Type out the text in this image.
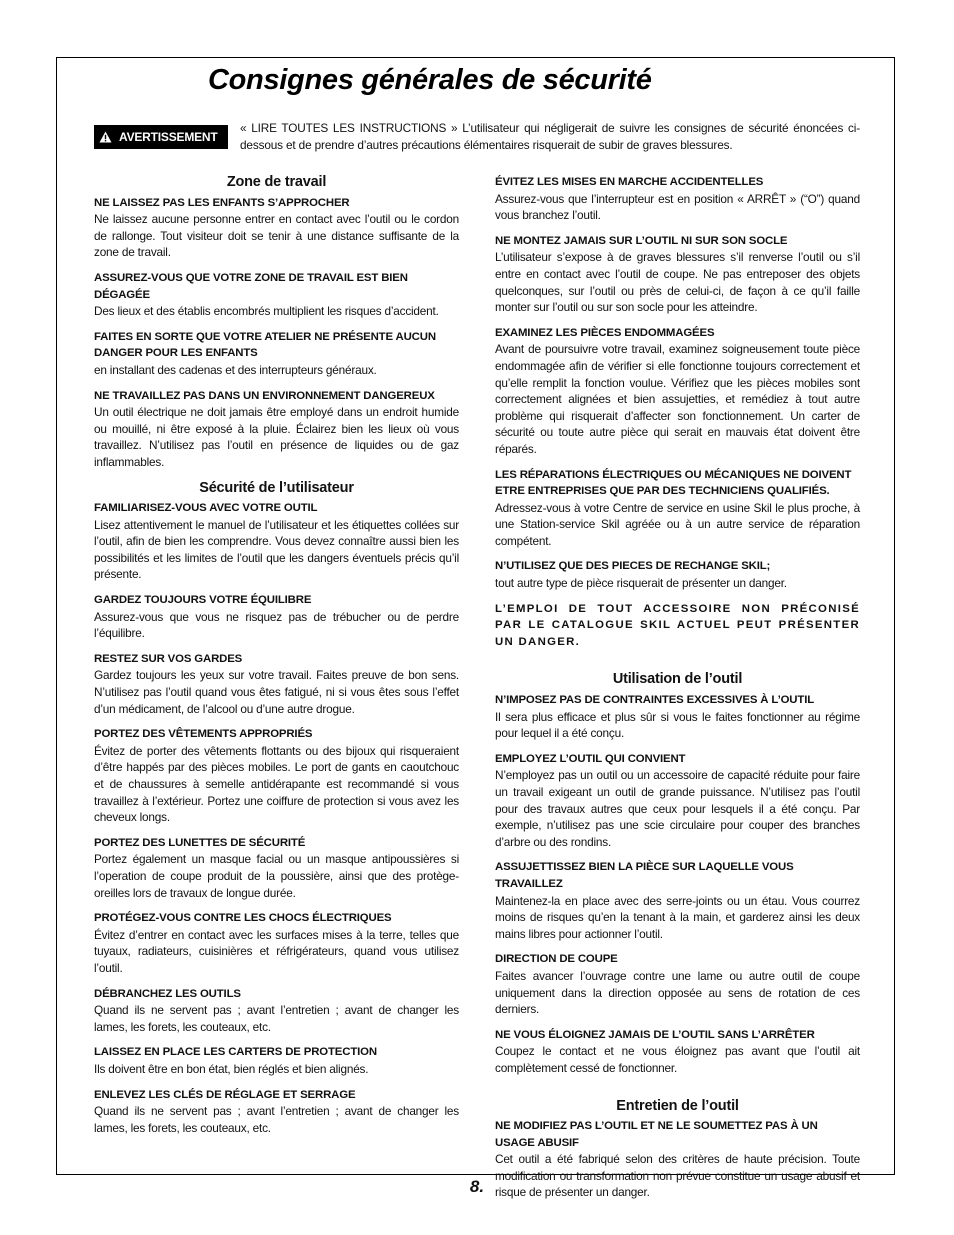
Consignes générales de sécurité
AVERTISSEMENT
« LIRE TOUTES LES INSTRUCTIONS » L’utilisateur qui négligerait de suivre les consignes de sécurité énoncées ci-dessous et de prendre d’autres précautions élémentaires risquerait de subir de graves blessures.
Zone de travail
NE LAISSEZ PAS LES ENFANTS S’APPROCHER
Ne laissez aucune personne entrer en contact avec l’outil ou le cordon de rallonge. Tout visiteur doit se tenir à une distance suffisante de la zone de travail.
ASSUREZ-VOUS QUE VOTRE ZONE DE TRAVAIL EST BIEN DÉGAGÉE
Des lieux et des établis encombrés multiplient les risques d’accident.
FAITES EN SORTE QUE VOTRE ATELIER NE PRÉSENTE AUCUN DANGER POUR LES ENFANTS
en installant des cadenas et des interrupteurs généraux.
NE TRAVAILLEZ PAS DANS UN ENVIRONNEMENT DANGEREUX
Un outil électrique ne doit jamais être employé dans un endroit humide ou mouillé, ni être exposé à la pluie. Éclairez bien les lieux où vous travaillez. N’utilisez pas l’outil en présence de liquides ou de gaz inflammables.
Sécurité de l’utilisateur
FAMILIARISEZ-VOUS AVEC VOTRE OUTIL
Lisez attentivement le manuel de l’utilisateur et les étiquettes collées sur l’outil, afin de bien les comprendre. Vous devez connaître aussi bien les possibilités et les limites de l’outil que les dangers éventuels précis qu’il présente.
GARDEZ TOUJOURS VOTRE ÉQUILIBRE
Assurez-vous que vous ne risquez pas de trébucher ou de perdre l’équilibre.
RESTEZ SUR VOS GARDES
Gardez toujours les yeux sur votre travail. Faites preuve de bon sens. N’utilisez pas l’outil quand vous êtes fatigué, ni si vous êtes sous l’effet d’un médicament, de l’alcool ou d’une autre drogue.
PORTEZ DES VÊTEMENTS APPROPRIÉS
Évitez de porter des vêtements flottants ou des bijoux qui risqueraient d’être happés par des pièces mobiles. Le port de gants en caoutchouc et de chaussures à semelle antidérapante est recommandé si vous travaillez à l’extérieur. Portez une coiffure de protection si vous avez les cheveux longs.
PORTEZ DES LUNETTES DE SÉCURITÉ
Portez également un masque facial ou un masque antipoussières si l’operation de coupe produit de la poussière, ainsi que des protège-oreilles lors de travaux de longue durée.
PROTÉGEZ-VOUS CONTRE LES CHOCS ÉLECTRIQUES
Évitez d’entrer en contact avec les surfaces mises à la terre, telles que tuyaux, radiateurs, cuisinières et réfrigérateurs, quand vous utilisez l’outil.
DÉBRANCHEZ LES OUTILS
Quand ils ne servent pas ; avant l’entretien ; avant de changer les lames, les forets, les couteaux, etc.
LAISSEZ EN PLACE LES CARTERS DE PROTECTION
Ils doivent être en bon état, bien réglés et bien alignés.
ENLEVEZ LES CLÉS DE RÉGLAGE ET SERRAGE
Quand ils ne servent pas ; avant l’entretien ; avant de changer les lames, les forets, les couteaux, etc.
ÉVITEZ LES MISES EN MARCHE ACCIDENTELLES
Assurez-vous que l’interrupteur est en position « ARRÊT » (“O”) quand vous branchez l’outil.
NE MONTEZ JAMAIS SUR L’OUTIL NI SUR SON SOCLE
L’utilisateur s’expose à de graves blessures s’il renverse l’outil ou s’il entre en contact avec l’outil de coupe. Ne pas entreposer des objets quelconques, sur l’outil ou près de celui-ci, de façon à ce qu’il faille monter sur l’outil ou sur son socle pour les atteindre.
EXAMINEZ LES PIÈCES ENDOMMAGÉES
Avant de poursuivre votre travail, examinez soigneusement toute pièce endommagée afin de vérifier si elle fonctionne toujours correctement et qu’elle remplit la fonction voulue. Vérifiez que les pièces mobiles sont correctement alignées et bien assujetties, et remédiez à tout autre problème qui risquerait d’affecter son fonctionnement. Un carter de sécurité ou toute autre pièce qui serait en mauvais état doivent être réparés.
LES RÉPARATIONS ÉLECTRIQUES OU MÉCANIQUES NE DOIVENT ETRE ENTREPRISES QUE PAR DES TECHNICIENS QUALIFIÉS.
Adressez-vous à votre Centre de service en usine Skil le plus proche, à une Station-service Skil agréée ou à un autre service de réparation compétent.
N’UTILISEZ QUE DES PIECES DE RECHANGE SKIL;
tout autre type de pièce risquerait de présenter un danger.
L’EMPLOI DE TOUT ACCESSOIRE NON PRÉCONISÉ PAR LE CATALOGUE SKIL ACTUEL PEUT PRÉSENTER UN DANGER.
Utilisation de l’outil
N’IMPOSEZ PAS DE CONTRAINTES EXCESSIVES À L’OUTIL
Il sera plus efficace et plus sûr si vous le faites fonctionner au régime pour lequel il a été conçu.
EMPLOYEZ L’OUTIL QUI CONVIENT
N’employez pas un outil ou un accessoire de capacité réduite pour faire un travail exigeant un outil de grande puissance. N’utilisez pas l’outil pour des travaux autres que ceux pour lesquels il a été conçu. Par exemple, n’utilisez pas une scie circulaire pour couper des branches d’arbre ou des rondins.
ASSUJETTISSEZ BIEN LA PIÈCE SUR LAQUELLE VOUS TRAVAILLEZ
Maintenez-la en place avec des serre-joints ou un étau. Vous courrez moins de risques qu’en la tenant à la main, et garderez ainsi les deux mains libres pour actionner l’outil.
DIRECTION DE COUPE
Faites avancer l’ouvrage contre une lame ou autre outil de coupe uniquement dans la direction opposée au sens de rotation de ces derniers.
NE VOUS ÉLOIGNEZ JAMAIS DE L’OUTIL SANS L’ARRÊTER
Coupez le contact et ne vous éloignez pas avant que l’outil ait complètement cessé de fonctionner.
Entretien de l’outil
NE MODIFIEZ PAS L’OUTIL ET NE LE SOUMETTEZ PAS À UN USAGE ABUSIF
Cet outil a été fabriqué selon des critères de haute précision. Toute modification ou transformation non prévue constitue un usage abusif et risque de présenter un danger.
8.
